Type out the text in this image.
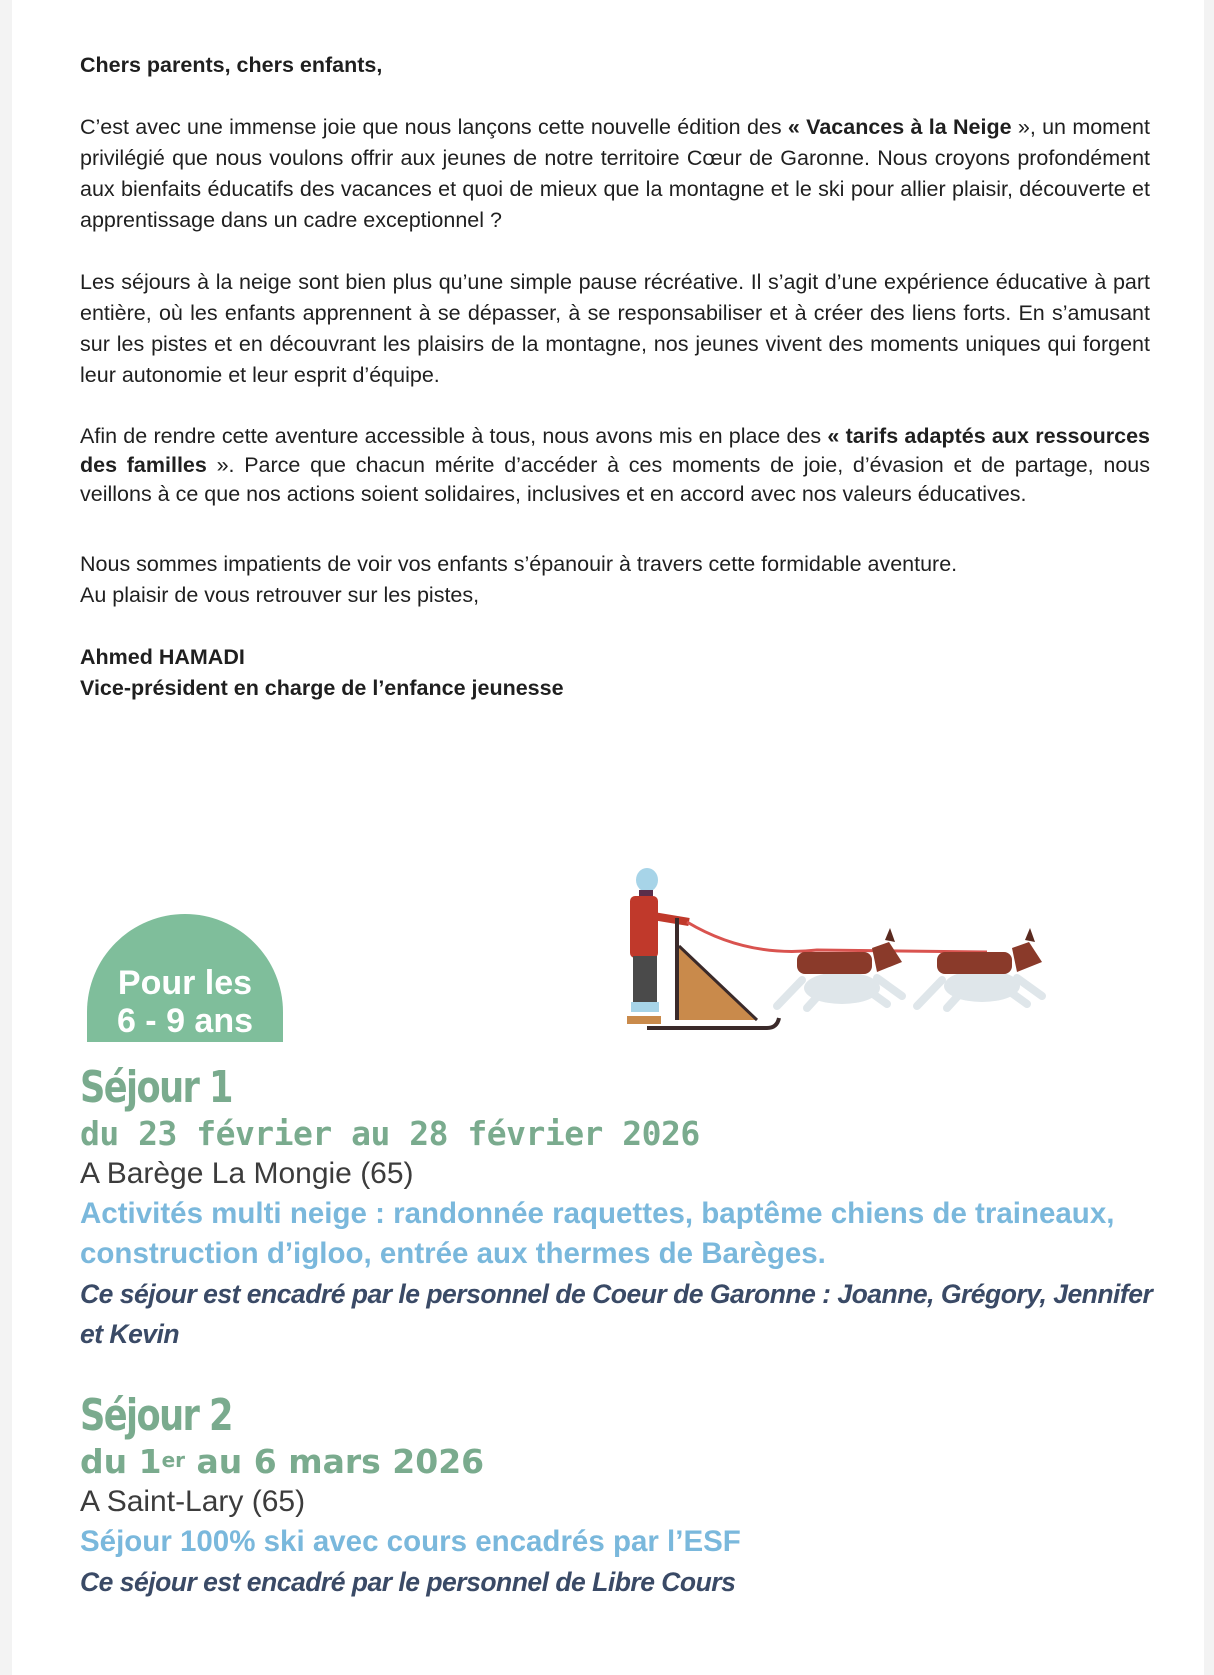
Chers parents, chers enfants,

C’est avec une immense joie que nous lançons cette nouvelle édition des « Vacances à la Neige », un moment privilégié que nous voulons offrir aux jeunes de notre territoire Cœur de Garonne. Nous croyons profondément aux bienfaits éducatifs des vacances et quoi de mieux que la montagne et le ski pour allier plaisir, découverte et apprentissage dans un cadre exceptionnel ?

Les séjours à la neige sont bien plus qu’une simple pause récréative. Il s’agit d’une expérience éducative à part entière, où les enfants apprennent à se dépasser, à se responsabiliser et à créer des liens forts. En s’amusant sur les pistes et en découvrant les plaisirs de la montagne, nos jeunes vivent des moments uniques qui forgent leur autonomie et leur esprit d’équipe.

Afin de rendre cette aventure accessible à tous, nous avons mis en place des « tarifs adaptés aux ressources des familles ». Parce que chacun mérite d’accéder à ces moments de joie, d’évasion et de partage, nous veillons à ce que nos actions soient solidaires, inclusives et en accord avec nos valeurs éducatives.

Nous sommes impatients de voir vos enfants s’épanouir à travers cette formidable aventure.
Au plaisir de vous retrouver sur les pistes,

Ahmed HAMADI

Vice-président en charge de l’enfance jeunesse

Pour les
6 - 9 ans
Séjour 1
du 23 février au 28 février 2026
A Barège La Mongie (65)
Activités multi neige : randonnée raquettes, baptême chiens de traineaux, construction d’igloo, entrée aux thermes de Barèges.
Ce séjour est encadré par le personnel de Coeur de Garonne : Joanne, Grégory, Jennifer et Kevin
Séjour 2
du 1er au 6 mars 2026
A Saint-Lary (65)
Séjour 100% ski avec cours encadrés par l’ESF
Ce séjour est encadré par le personnel de Libre Cours
